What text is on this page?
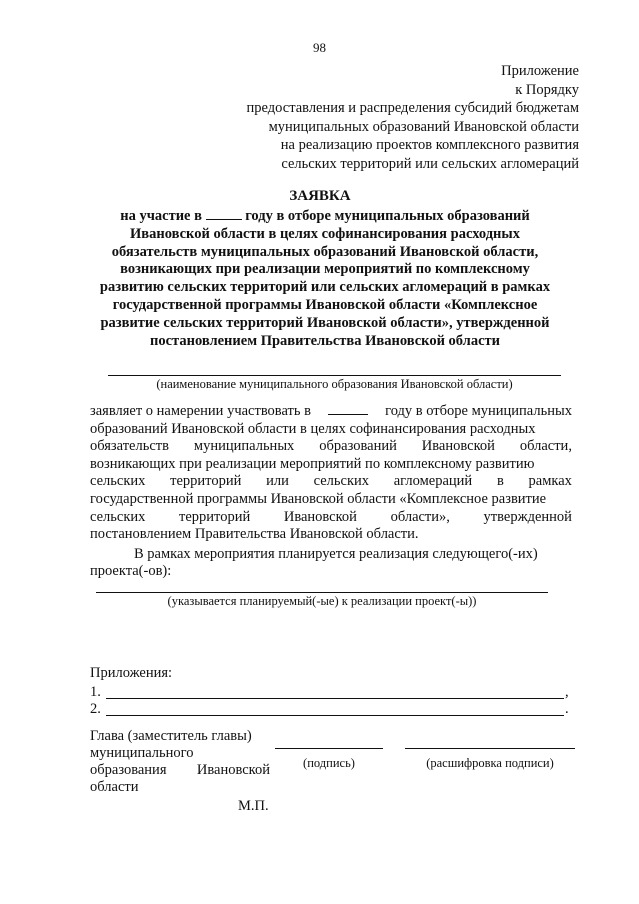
98
Приложение
к Порядку
предоставления и распределения субсидий бюджетам
муниципальных образований Ивановской области
на реализацию проектов комплексного развития
сельских территорий или сельских агломераций
ЗАЯВКА
на участие в	году в отборе муниципальных образований
Ивановской области в целях софинансирования расходных
обязательств муниципальных образований Ивановской области,
возникающих при реализации мероприятий по комплексному
развитию сельских территорий или сельских агломераций в рамках
государственной программы Ивановской области «Комплексное
развитие сельских территорий Ивановской области», утвержденной
постановлением Правительства Ивановской области
(наименование муниципального образования Ивановской области)
заявляет о намерении участвовать в	году в отборе муниципальных
образований Ивановской области в целях софинансирования расходных
обязательств муниципальных образований Ивановской области,
возникающих при реализации мероприятий по комплексному развитию
сельских территорий или сельских агломераций в рамках
государственной программы Ивановской области «Комплексное развитие
сельских территорий Ивановской области», утвержденной
постановлением Правительства Ивановской области.
В рамках мероприятия планируется реализация следующего(-их)
проекта(-ов):
(указывается планируемый(-ые) к реализации проект(-ы))
Приложения:
1.	,
2.	.
Глава (заместитель главы)
муниципального
образования Ивановской
области
(подпись)	(расшифровка подписи)
М.П.
